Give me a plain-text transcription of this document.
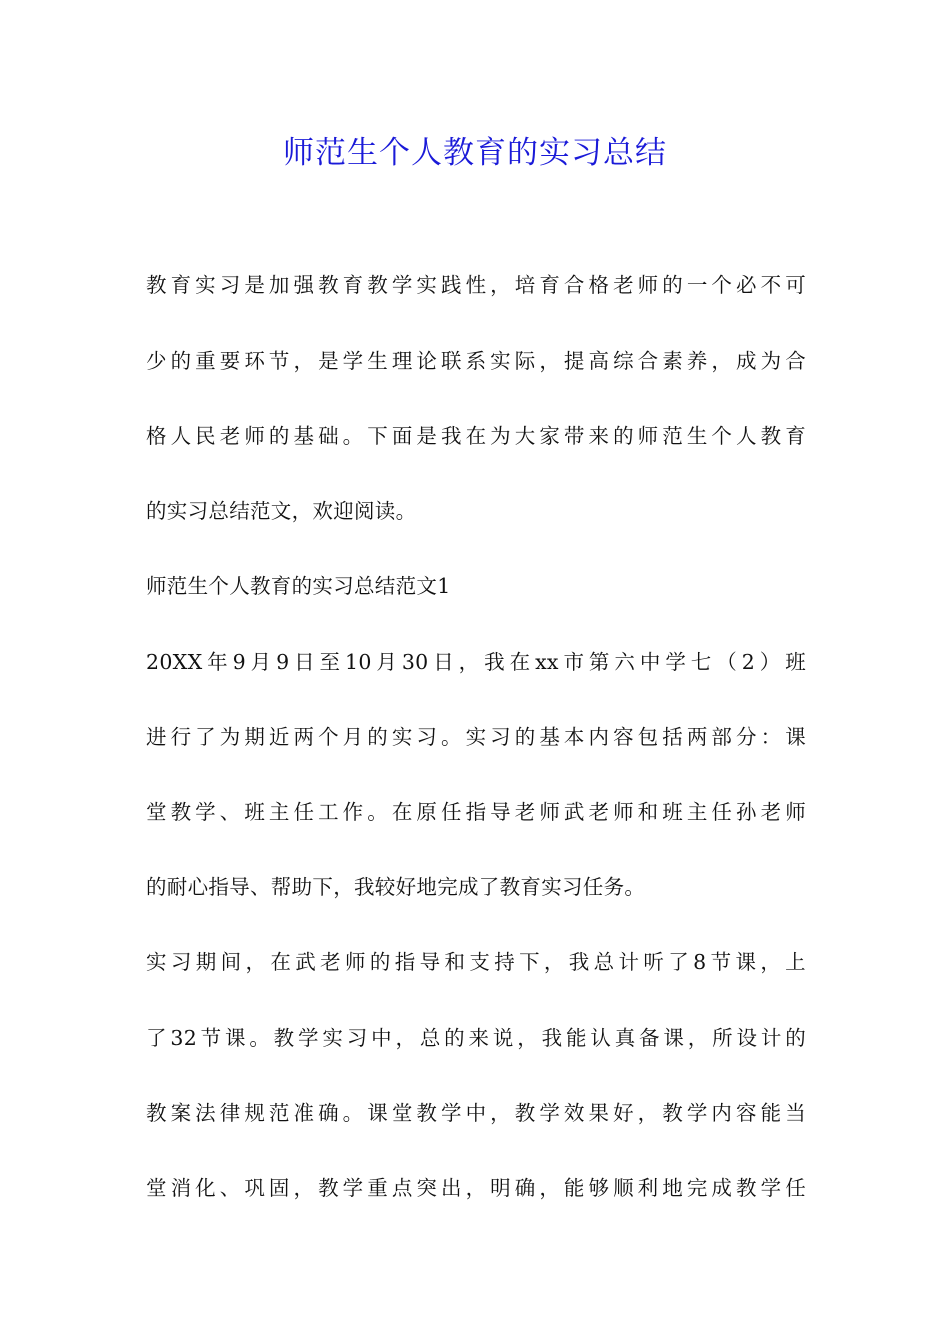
师范生个人教育的实习总结
教育实习是加强教育教学实践性，培育合格老师的一个必不可
少的重要环节，是学生理论联系实际，提高综合素养，成为合
格人民老师的基础。下面是我在为大家带来的师范生个人教育
的实习总结范文，欢迎阅读。
师范生个人教育的实习总结范文1
20XX年9月9日至10月30日，我在xx市第六中学七（2）班
进行了为期近两个月的实习。实习的基本内容包括两部分：课
堂教学、班主任工作。在原任指导老师武老师和班主任孙老师
的耐心指导、帮助下，我较好地完成了教育实习任务。
实习期间，在武老师的指导和支持下，我总计听了8节课，上
了32节课。教学实习中，总的来说，我能认真备课，所设计的
教案法律规范准确。课堂教学中，教学效果好，教学内容能当
堂消化、巩固，教学重点突出，明确，能够顺利地完成教学任
